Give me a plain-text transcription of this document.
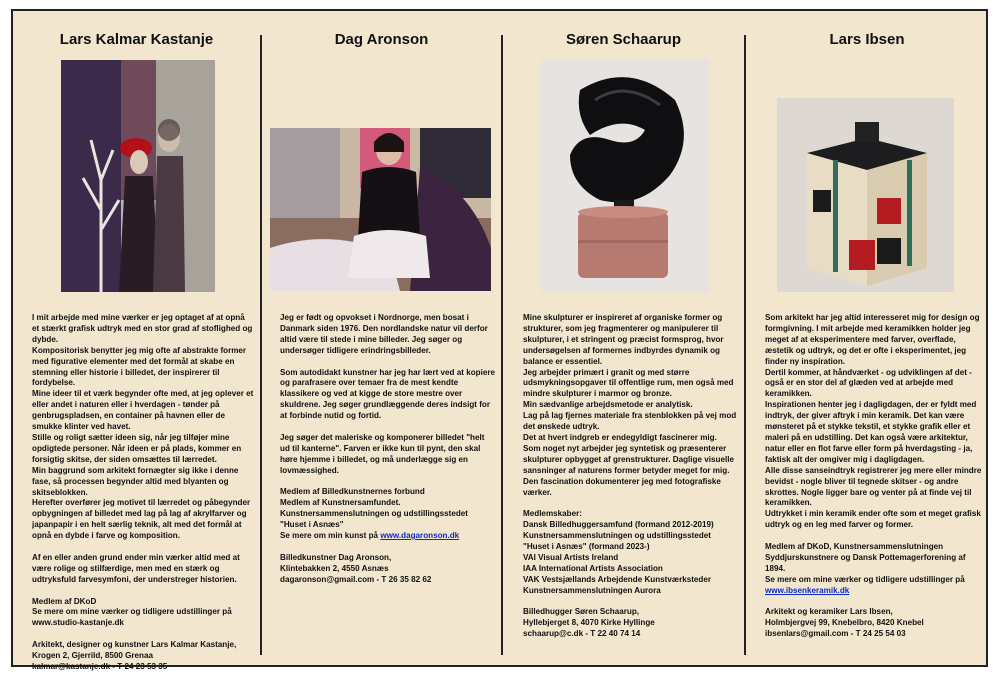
Lars Kalmar Kastanje

I mit arbejde med mine værker er jeg optaget af at opnå et stærkt grafisk udtryk med en stor grad af stoflighed og dybde.
Kompositorisk benytter jeg mig ofte af abstrakte former med figurative elementer med det formål at skabe en stemning eller historie i billedet, der inspirerer til fordybelse.
Mine ideer til et værk begynder ofte med, at jeg oplever et eller andet i naturen eller i hverdagen - tønder på genbrugspladsen, en container på havnen eller de smukke klinter ved havet.
Stille og roligt sætter ideen sig, når jeg tilføjer mine opdigtede personer. Når ideen er på plads, kommer en forsigtig skitse, der siden omsættes til lærredet.
Min baggrund som arkitekt fornægter sig ikke i denne fase, så processen begynder altid med blyanten og skitseblokken.
Herefter overfører jeg motivet til lærredet og påbegynder opbygningen af billedet med lag på lag af akrylfarver og japanpapir i en helt særlig teknik, alt med det formål at opnå en dybde i farve og komposition.

Af en eller anden grund ender min værker altid med at være rolige og stilfærdige, men med en stærk og udtryksfuld farvesymfoni, der understreger historien.

Medlem af DKoD
Se mere om mine værker og tidligere udstillinger på
www.studio-kastanje.dk

Arkitekt, designer og kunstner Lars Kalmar Kastanje,
Krogen 2, Gjerrild, 8500 Grenaa
kalmar@kastanje.dk - T 24 23 53 35

Dag Aronson

Jeg er født og opvokset i Nordnorge, men bosat i Danmark siden 1976. Den nordlandske natur vil derfor altid være til stede i mine billeder. Jeg søger og undersøger tidligere erindringsbilleder.

Som autodidakt kunstner har jeg har lært ved at kopiere og parafrasere over temaer fra de mest kendte klassikere og ved at kigge de store mestre over skuldrene. Jeg søger grundlæggende deres indsigt for at forbinde nutid og fortid.

Jeg søger det maleriske og komponerer billedet "helt ud til kanterne". Farven er ikke kun til pynt, den skal høre hjemme i billedet, og må underlægge sig en lovmæssighed.

Medlem af Billedkunstnernes forbund
Medlem af Kunstnersamfundet.
Kunstnersammenslutningen og udstillingsstedet "Huset i Asnæs"
Se mere om min kunst på www.dagaronson.dk

Billedkunstner Dag Aronson,
Klintebakken 2, 4550 Asnæs
dagaronson@gmail.com - T 26 35 82 62

Søren Schaarup

Mine skulpturer er inspireret af organiske former og strukturer, som jeg fragmenterer og manipulerer til skulpturer, i et stringent og præcist formsprog, hvor undersøgelsen af formernes indbyrdes dynamik og balance er essentiel.
Jeg arbejder primært i granit og med større udsmykningsopgaver til offentlige rum, men også med mindre skulpturer i marmor og bronze.
Min sædvanlige arbejdsmetode er analytisk.
Lag på lag fjernes materiale fra stenblokken på vej mod det ønskede udtryk.
Det at hvert indgreb er endegyldigt fascinerer mig.
Som noget nyt arbejder jeg syntetisk og præsenterer skulpturer opbygget af grenstrukturer. Daglige visuelle sansninger af naturens former betyder meget for mig. Den fascination dokumenterer jeg med fotografiske værker.

Medlemskaber:
Dansk Billedhuggersamfund (formand 2012-2019)
Kunstnersammenslutningen og udstillingsstedet "Huset i Asnæs" (formand 2023-)
VAI Visual Artists Ireland
IAA International Artists Association
VAK Vestsjællands Arbejdende Kunstværksteder
Kunstnersammenslutningen Aurora

Billedhugger Søren Schaarup,
Hyllebjerget 8, 4070 Kirke Hyllinge
schaarup@c.dk - T 22 40 74 14

Lars Ibsen

Som arkitekt har jeg altid interesseret mig for design og formgivning. I mit arbejde med keramikken holder jeg meget af at eksperimentere med farver, overflade, æstetik og udtryk, og det er ofte i eksperimentet, jeg finder ny inspiration.
Dertil kommer, at håndværket - og udviklingen af det - også er en stor del af glæden ved at arbejde med keramikken.
Inspirationen henter jeg i dagligdagen, der er fyldt med indtryk, der giver aftryk i min keramik. Det kan være mønsteret på et stykke tekstil, et stykke grafik eller et maleri på en udstilling. Det kan også være arkitektur, natur eller en flot farve eller form på hverdagsting - ja, faktisk alt der omgiver mig i dagligdagen.
Alle disse sanseindtryk registrerer jeg mere eller mindre bevidst - nogle bliver til tegnede skitser - og andre skrottes. Nogle ligger bare og venter på at finde vej til keramikken.
Udtrykket i min keramik ender ofte som et meget grafisk udtryk og en leg med farver og former.

Medlem af DKoD, Kunstnersammenslutningen Syddjurskunstnere og Dansk Pottemagerforening af 1894.
Se mere om mine værker og tidligere udstillinger på
www.ibsenkeramik.dk

Arkitekt og keramiker Lars Ibsen,
Holmbjergvej 99, Knebelbro, 8420 Knebel
ibsenlars@gmail.com - T 24 25 54 03
